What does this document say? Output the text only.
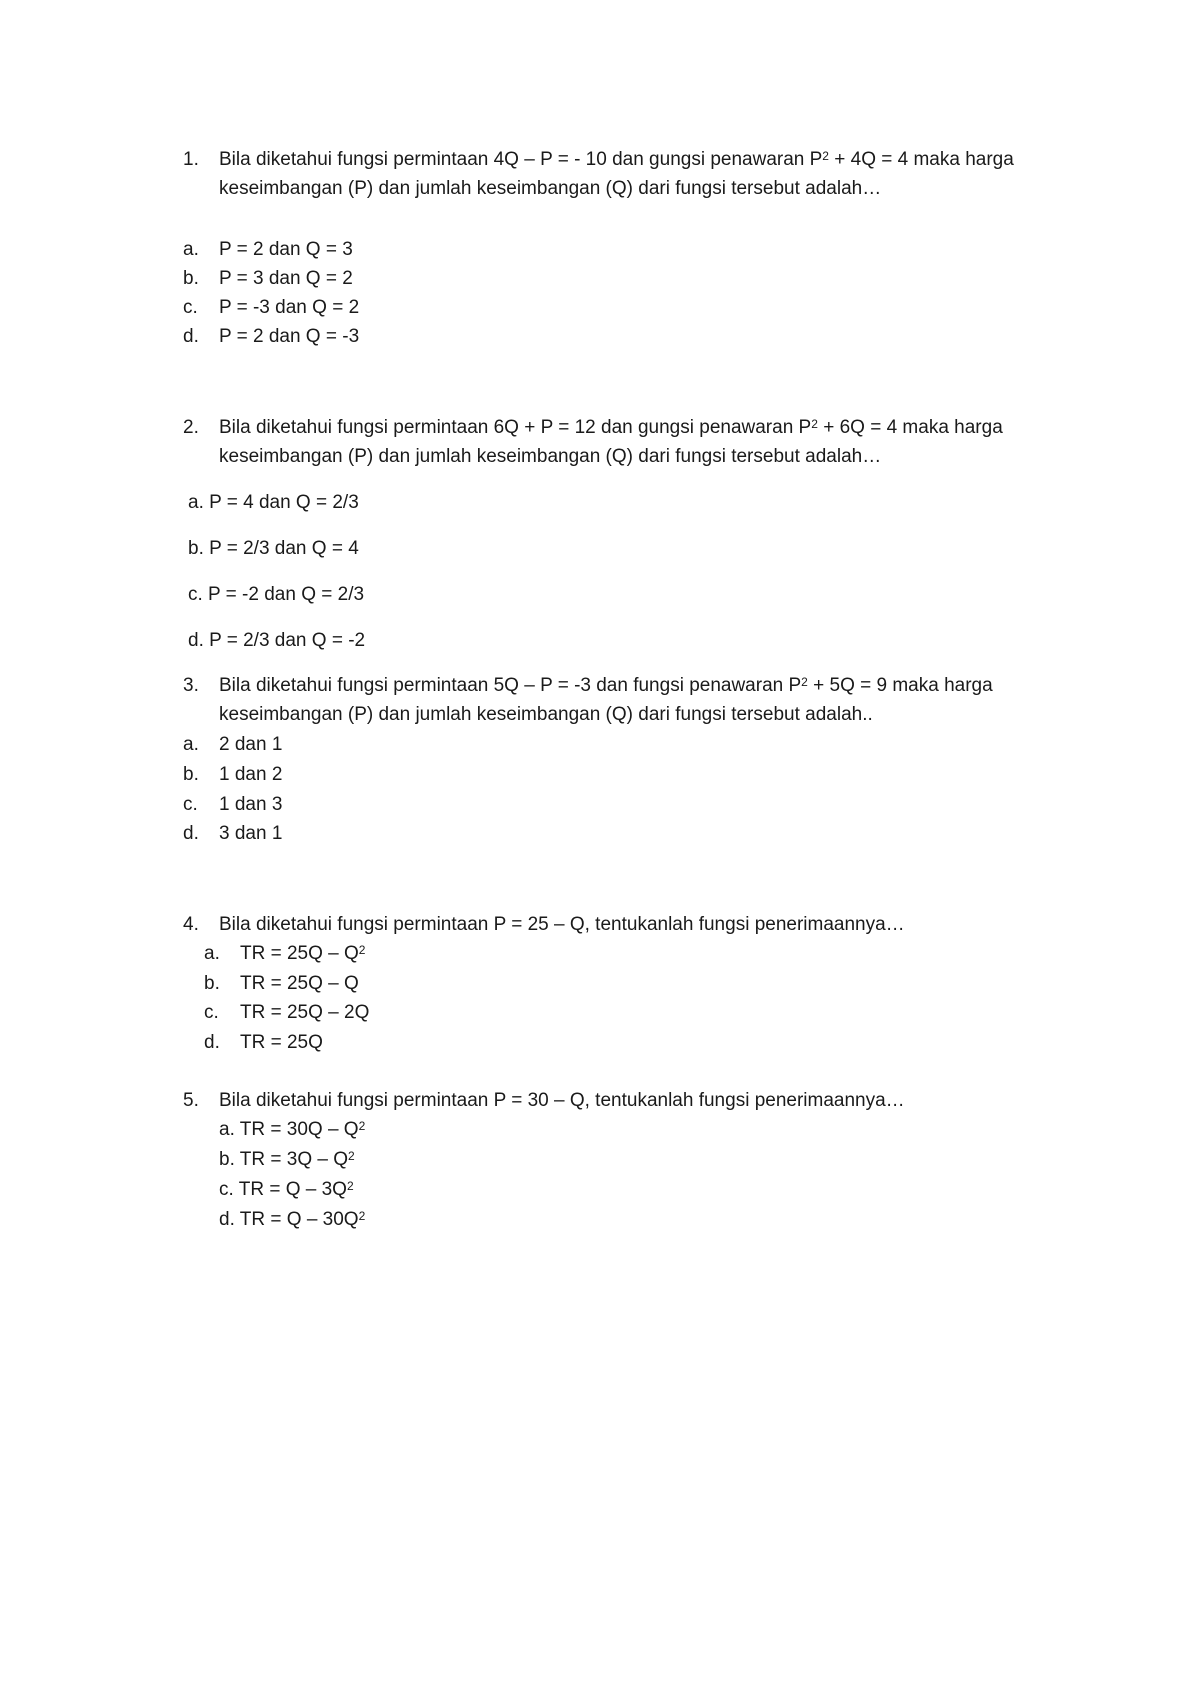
1. Bila diketahui fungsi permintaan 4Q – P = - 10 dan gungsi penawaran $P^2 + 4Q = 4$ maka harga
keseimbangan (P) dan jumlah keseimbangan (Q) dari fungsi tersebut adalah…
a. P = 2 dan Q = 3
b. P = 3 dan Q = 2
c. P = -3 dan Q = 2
d. P = 2 dan Q = -3
2. Bila diketahui fungsi permintaan 6Q + P = 12 dan gungsi penawaran $P^2 + 6Q = 4$ maka harga
keseimbangan (P) dan jumlah keseimbangan (Q) dari fungsi tersebut adalah…
a. P = 4 dan Q = 2/3
b. P = 2/3 dan Q = 4
c. P = -2 dan Q = 2/3
d. P = 2/3 dan Q = -2
3. Bila diketahui fungsi permintaan 5Q – P = -3 dan fungsi penawaran $P^2 + 5Q = 9$ maka harga
keseimbangan (P) dan jumlah keseimbangan (Q) dari fungsi tersebut adalah..
a. 2 dan 1
b. 1 dan 2
c. 1 dan 3
d. 3 dan 1
4. Bila diketahui fungsi permintaan P = 25 – Q, tentukanlah fungsi penerimaannya…
a. TR = $25Q - Q^2$
b. TR = 25Q – Q
c. TR = 25Q – 2Q
d. TR = 25Q
5. Bila diketahui fungsi permintaan P = 30 – Q, tentukanlah fungsi penerimaannya…
a. TR = $30Q - Q^2$
b. TR = $3Q - Q^2$
c. TR = Q – $3Q^2$
d. TR = Q – $30Q^2$
